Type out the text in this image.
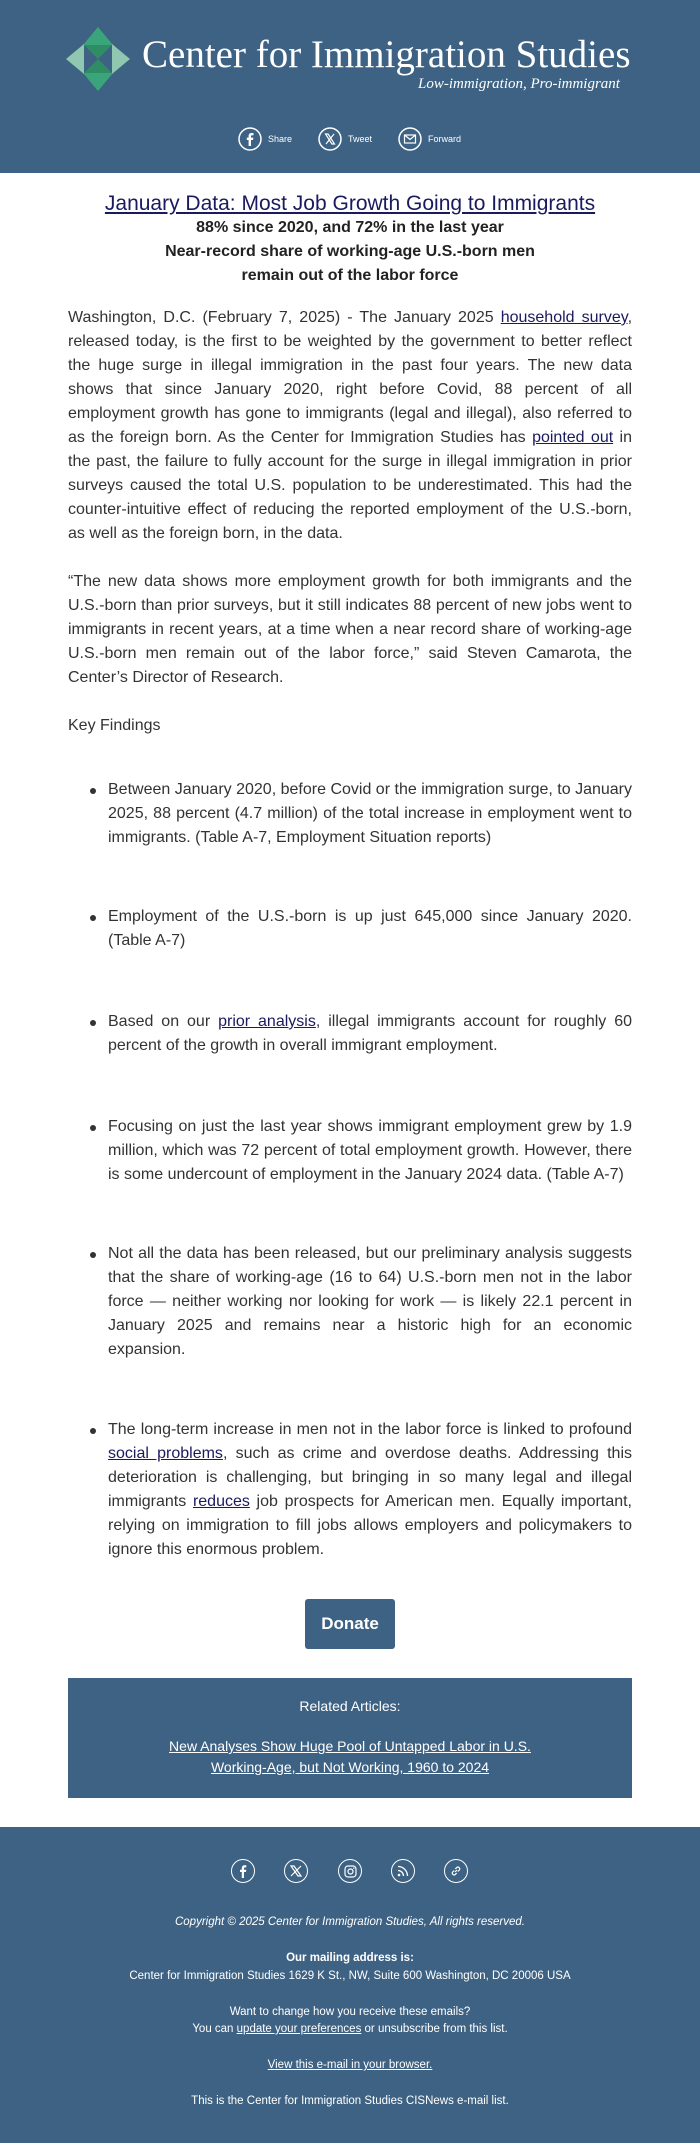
Center for Immigration Studies
Low-immigration, Pro-immigrant
Share	Tweet	Forward
January Data: Most Job Growth Going to Immigrants
88% since 2020, and 72% in the last year
Near-record share of working-age U.S.-born men
remain out of the labor force
Washington, D.C. (February 7, 2025) - The January 2025 household survey, released today, is the first to be weighted by the government to better reflect the huge surge in illegal immigration in the past four years. The new data shows that since January 2020, right before Covid, 88 percent of all employment growth has gone to immigrants (legal and illegal), also referred to as the foreign born. As the Center for Immigration Studies has pointed out in the past, the failure to fully account for the surge in illegal immigration in prior surveys caused the total U.S. population to be underestimated. This had the counter-intuitive effect of reducing the reported employment of the U.S.-born, as well as the foreign born, in the data.
“The new data shows more employment growth for both immigrants and the U.S.-born than prior surveys, but it still indicates 88 percent of new jobs went to immigrants in recent years, at a time when a near record share of working-age U.S.-born men remain out of the labor force,” said Steven Camarota, the Center’s Director of Research.
Key Findings
Between January 2020, before Covid or the immigration surge, to January 2025, 88 percent (4.7 million) of the total increase in employment went to immigrants. (Table A-7, Employment Situation reports)
Employment of the U.S.-born is up just 645,000 since January 2020. (Table A-7)
Based on our prior analysis, illegal immigrants account for roughly 60 percent of the growth in overall immigrant employment.
Focusing on just the last year shows immigrant employment grew by 1.9 million, which was 72 percent of total employment growth. However, there is some undercount of employment in the January 2024 data. (Table A-7)
Not all the data has been released, but our preliminary analysis suggests that the share of working-age (16 to 64) U.S.-born men not in the labor force — neither working nor looking for work — is likely 22.1 percent in January 2025 and remains near a historic high for an economic expansion.
The long-term increase in men not in the labor force is linked to profound social problems, such as crime and overdose deaths. Addressing this deterioration is challenging, but bringing in so many legal and illegal immigrants reduces job prospects for American men. Equally important, relying on immigration to fill jobs allows employers and policymakers to ignore this enormous problem.
Donate
Related Articles:
New Analyses Show Huge Pool of Untapped Labor in U.S.
Working-Age, but Not Working, 1960 to 2024
Copyright © 2025 Center for Immigration Studies, All rights reserved.
Our mailing address is:
Center for Immigration Studies 1629 K St., NW, Suite 600 Washington, DC 20006 USA
Want to change how you receive these emails?
You can update your preferences or unsubscribe from this list.
View this e-mail in your browser.
This is the Center for Immigration Studies CISNews e-mail list.
